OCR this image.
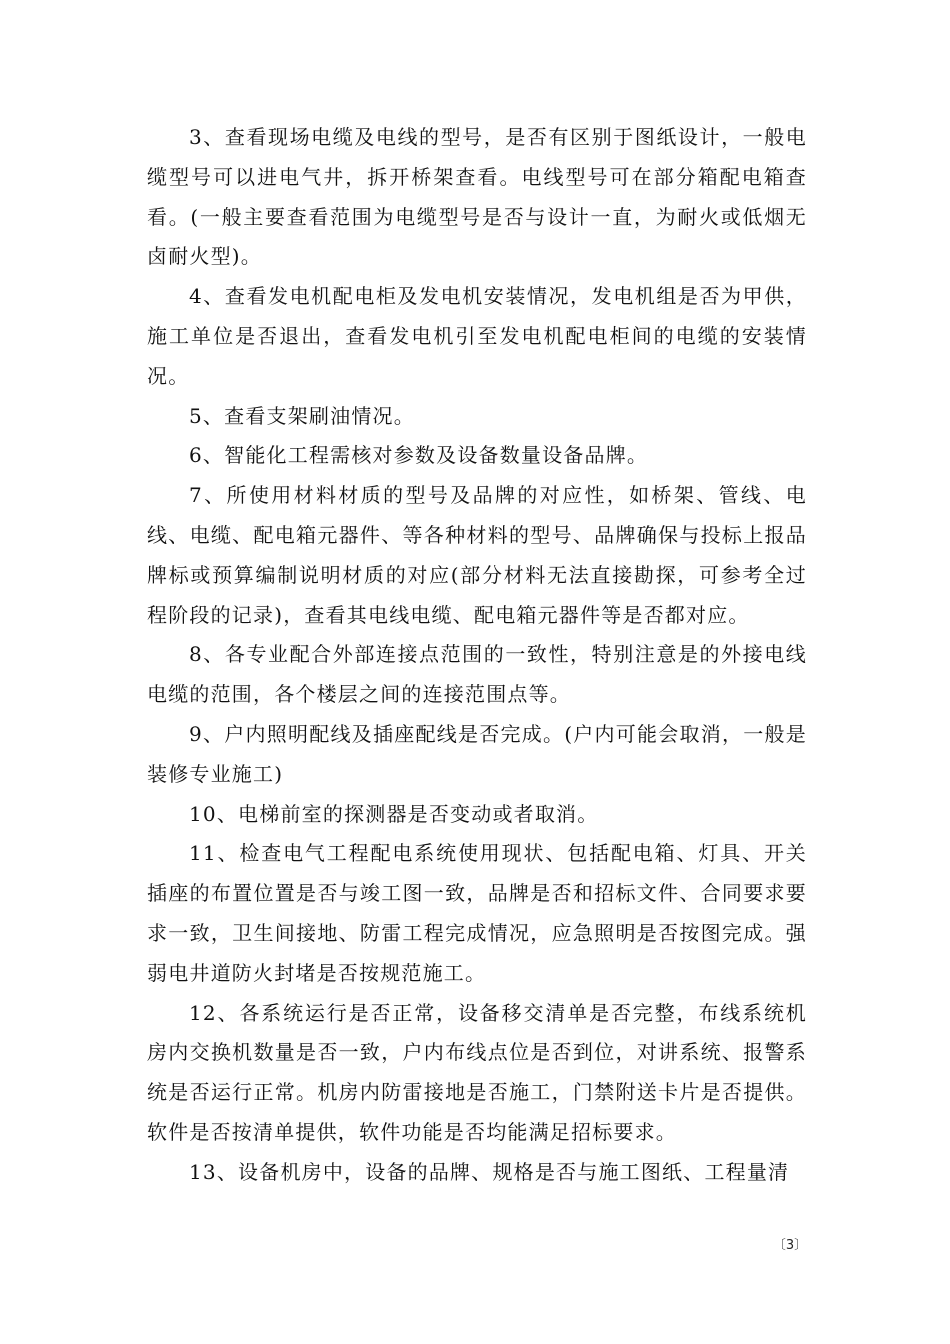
3、查看现场电缆及电线的型号，是否有区别于图纸设计，一般电缆型号可以进电气井，拆开桥架查看。电线型号可在部分箱配电箱查看。(一般主要查看范围为电缆型号是否与设计一直，为耐火或低烟无卤耐火型)。

4、查看发电机配电柜及发电机安装情况，发电机组是否为甲供，施工单位是否退出，查看发电机引至发电机配电柜间的电缆的安装情况。

5、查看支架刷油情况。

6、智能化工程需核对参数及设备数量设备品牌。

7、所使用材料材质的型号及品牌的对应性，如桥架、管线、电线、电缆、配电箱元器件、等各种材料的型号、品牌确保与投标上报品牌标或预算编制说明材质的对应(部分材料无法直接勘探，可参考全过程阶段的记录)，查看其电线电缆、配电箱元器件等是否都对应。

8、各专业配合外部连接点范围的一致性，特别注意是的外接电线电缆的范围，各个楼层之间的连接范围点等。

9、户内照明配线及插座配线是否完成。(户内可能会取消，一般是装修专业施工)

10、电梯前室的探测器是否变动或者取消。

11、检查电气工程配电系统使用现状、包括配电箱、灯具、开关插座的布置位置是否与竣工图一致，品牌是否和招标文件、合同要求要求一致，卫生间接地、防雷工程完成情况，应急照明是否按图完成。强弱电井道防火封堵是否按规范施工。

12、各系统运行是否正常，设备移交清单是否完整，布线系统机房内交换机数量是否一致，户内布线点位是否到位，对讲系统、报警系统是否运行正常。机房内防雷接地是否施工，门禁附送卡片是否提供。软件是否按清单提供，软件功能是否均能满足招标要求。

13、设备机房中，设备的品牌、规格是否与施工图纸、工程量清

〔3〕
